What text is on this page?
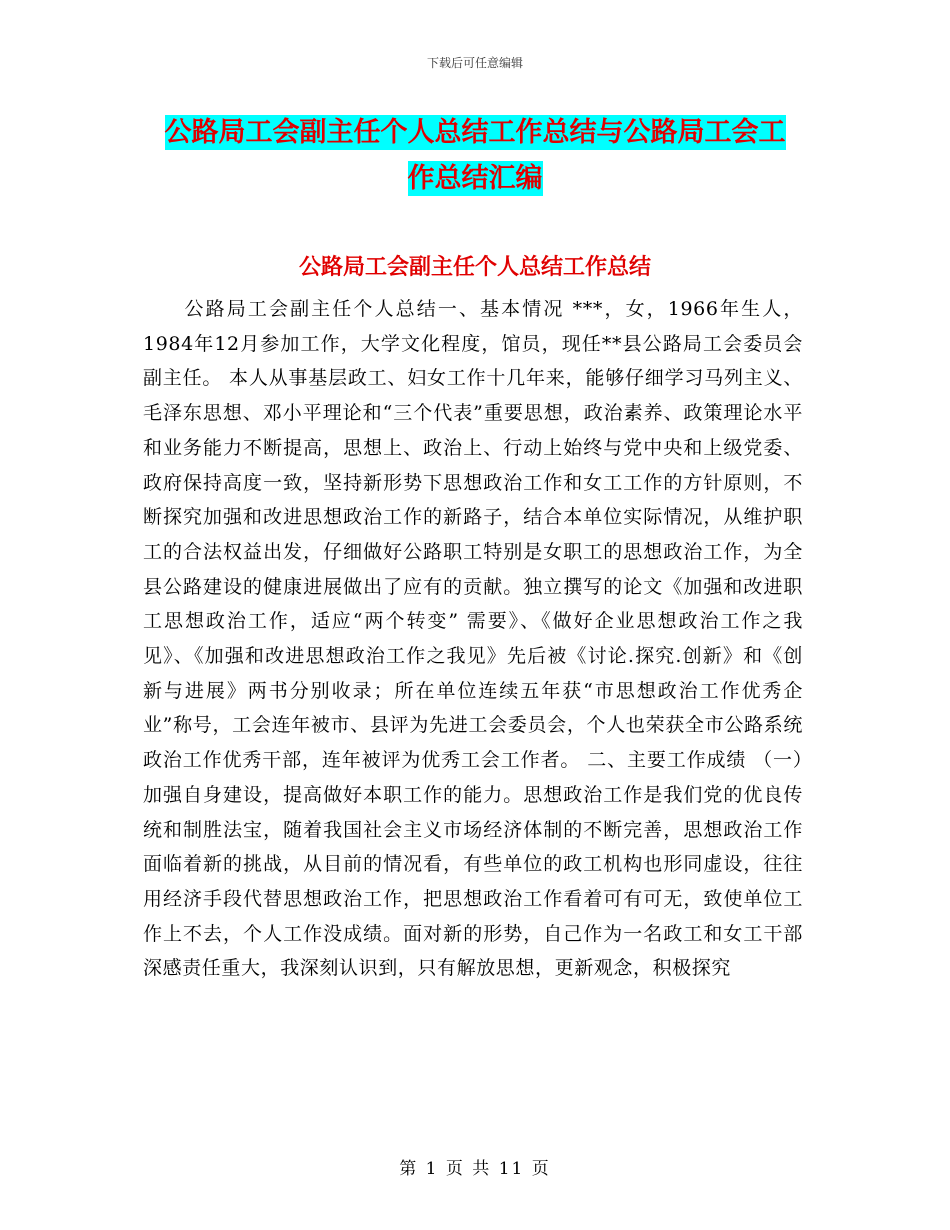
下载后可任意编辑
公路局工会副主任个人总结工作总结与公路局工会工
作总结汇编
公路局工会副主任个人总结工作总结

公路局工会副主任个人总结一、基本情况 ***，女，1966年生人，1984年12月参加工作，大学文化程度，馆员，现任**县公路局工会委员会副主任。 本人从事基层政工、妇女工作十几年来，能够仔细学习马列主义、毛泽东思想、邓小平理论和“三个代表”重要思想，政治素养、政策理论水平和业务能力不断提高，思想上、政治上、行动上始终与党中央和上级党委、政府保持高度一致，坚持新形势下思想政治工作和女工工作的方针原则，不断探究加强和改进思想政治工作的新路子，结合本单位实际情况，从维护职工的合法权益出发，仔细做好公路职工特别是女职工的思想政治工作，为全县公路建设的健康进展做出了应有的贡献。独立撰写的论文《加强和改进职工思想政治工作，适应“两个转变” 需要》、《做好企业思想政治工作之我见》、《加强和改进思想政治工作之我见》先后被《讨论.探究.创新》和《创新与进展》两书分别收录；所在单位连续五年获“市思想政治工作优秀企业”称号，工会连年被市、县评为先进工会委员会，个人也荣获全市公路系统政治工作优秀干部，连年被评为优秀工会工作者。 二、主要工作成绩 （一）加强自身建设，提高做好本职工作的能力。思想政治工作是我们党的优良传统和制胜法宝，随着我国社会主义市场经济体制的不断完善，思想政治工作面临着新的挑战，从目前的情况看，有些单位的政工机构也形同虚设，往往用经济手段代替思想政治工作，把思想政治工作看着可有可无，致使单位工作上不去，个人工作没成绩。面对新的形势，自己作为一名政工和女工干部深感责任重大，我深刻认识到，只有解放思想，更新观念，积极探究

第 1 页 共 11 页
